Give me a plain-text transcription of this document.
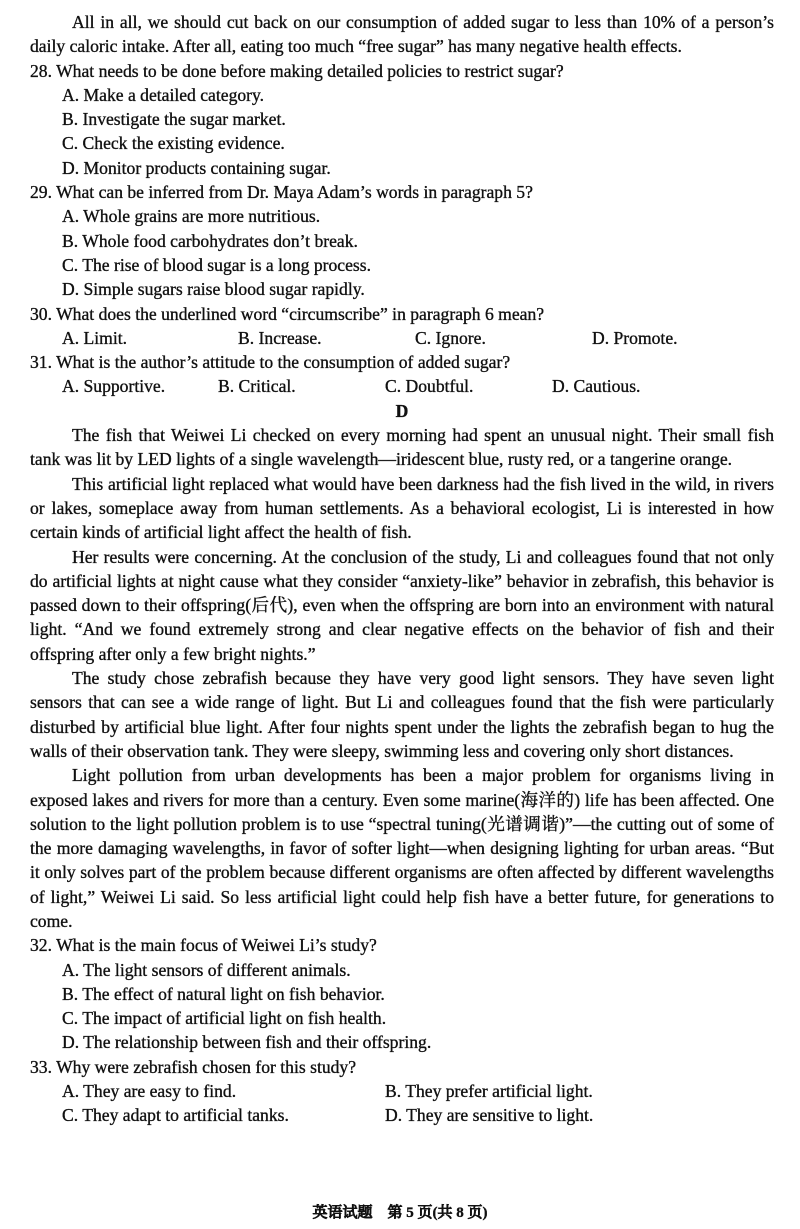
All in all, we should cut back on our consumption of added sugar to less than 10% of a person’s daily caloric intake. After all, eating too much “free sugar” has many negative health effects.

28. What needs to be done before making detailed policies to restrict sugar?

A. Make a detailed category.

B. Investigate the sugar market.

C. Check the existing evidence.

D. Monitor products containing sugar.

29. What can be inferred from Dr. Maya Adam’s words in paragraph 5?

A. Whole grains are more nutritious.

B. Whole food carbohydrates don’t break.

C. The rise of blood sugar is a long process.

D. Simple sugars raise blood sugar rapidly.

30. What does the underlined word “circumscribe” in paragraph 6 mean?

A. Limit.	B. Increase.	C. Ignore.	D. Promote.

31. What is the author’s attitude to the consumption of added sugar?

A. Supportive.	B. Critical.	C. Doubtful.	D. Cautious.

D

The fish that Weiwei Li checked on every morning had spent an unusual night. Their small fish tank was lit by LED lights of a single wavelength—iridescent blue, rusty red, or a tangerine orange.

This artificial light replaced what would have been darkness had the fish lived in the wild, in rivers or lakes, someplace away from human settlements. As a behavioral ecologist, Li is interested in how certain kinds of artificial light affect the health of fish.

Her results were concerning. At the conclusion of the study, Li and colleagues found that not only do artificial lights at night cause what they consider “anxiety-like” behavior in zebrafish, this behavior is passed down to their offspring(后代), even when the offspring are born into an environment with natural light. “And we found extremely strong and clear negative effects on the behavior of fish and their offspring after only a few bright nights.”

The study chose zebrafish because they have very good light sensors. They have seven light sensors that can see a wide range of light. But Li and colleagues found that the fish were particularly disturbed by artificial blue light. After four nights spent under the lights the zebrafish began to hug the walls of their observation tank. They were sleepy, swimming less and covering only short distances.

Light pollution from urban developments has been a major problem for organisms living in exposed lakes and rivers for more than a century. Even some marine(海洋的) life has been affected. One solution to the light pollution problem is to use “spectral tuning(光谱调谐)”—the cutting out of some of the more damaging wavelengths, in favor of softer light—when designing lighting for urban areas. “But it only solves part of the problem because different organisms are often affected by different wavelengths of light,” Weiwei Li said. So less artificial light could help fish have a better future, for generations to come.

32. What is the main focus of Weiwei Li’s study?

A. The light sensors of different animals.

B. The effect of natural light on fish behavior.

C. The impact of artificial light on fish health.

D. The relationship between fish and their offspring.

33. Why were zebrafish chosen for this study?

A. They are easy to find.	B. They prefer artificial light.
C. They adapt to artificial tanks.	D. They are sensitive to light.
英语试题　第 5 页(共 8 页)
